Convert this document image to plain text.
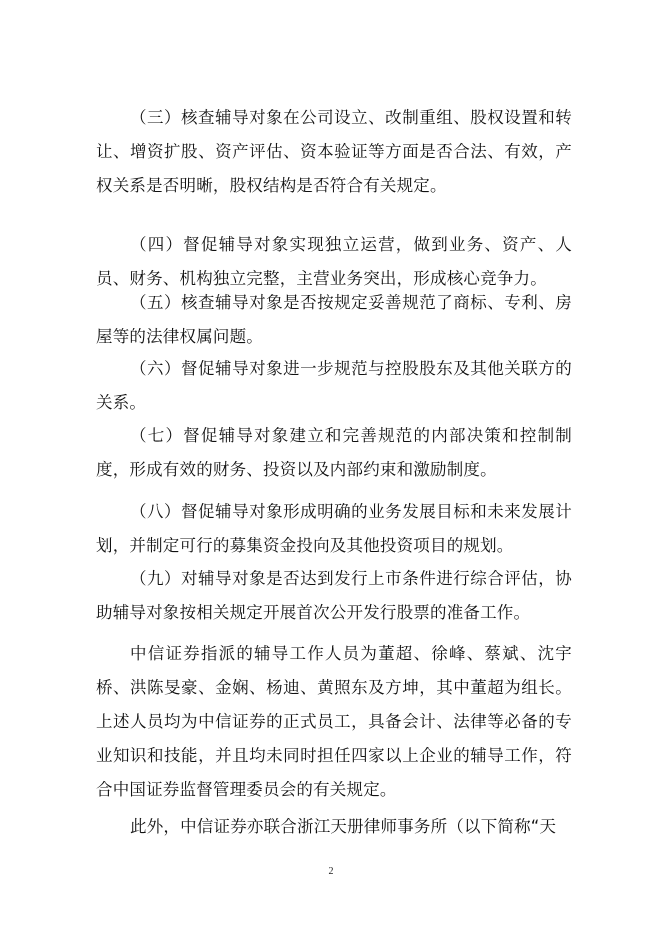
（三）核查辅导对象在公司设立、改制重组、股权设置和转让、增资扩股、资产评估、资本验证等方面是否合法、有效，产权关系是否明晰，股权结构是否符合有关规定。

（四）督促辅导对象实现独立运营，做到业务、资产、人员、财务、机构独立完整，主营业务突出，形成核心竞争力。

（五）核查辅导对象是否按规定妥善规范了商标、专利、房屋等的法律权属问题。

（六）督促辅导对象进一步规范与控股股东及其他关联方的关系。

（七）督促辅导对象建立和完善规范的内部决策和控制制度，形成有效的财务、投资以及内部约束和激励制度。

（八）督促辅导对象形成明确的业务发展目标和未来发展计划，并制定可行的募集资金投向及其他投资项目的规划。

（九）对辅导对象是否达到发行上市条件进行综合评估，协助辅导对象按相关规定开展首次公开发行股票的准备工作。

中信证券指派的辅导工作人员为董超、徐峰、蔡斌、沈宇桥、洪陈旻豪、金娴、杨迪、黄照东及方坤，其中董超为组长。上述人员均为中信证券的正式员工，具备会计、法律等必备的专业知识和技能，并且均未同时担任四家以上企业的辅导工作，符合中国证券监督管理委员会的有关规定。

此外，中信证券亦联合浙江天册律师事务所（以下简称“天

2
